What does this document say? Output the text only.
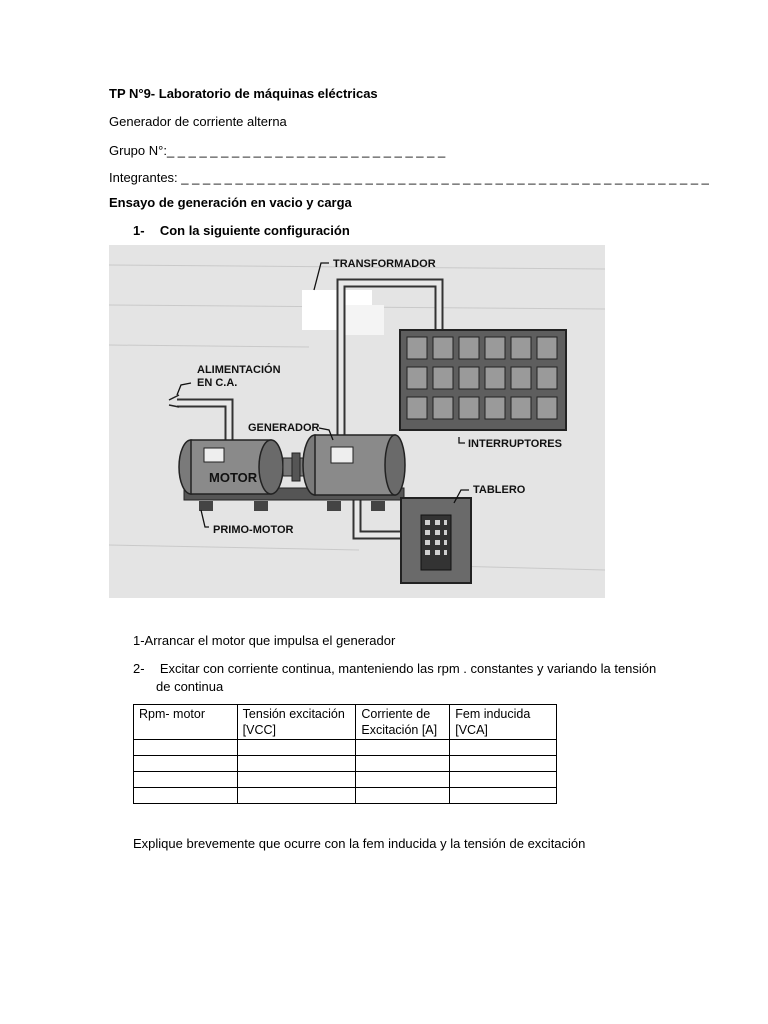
TP N°9- Laboratorio de máquinas eléctricas
Generador de corriente alterna
Grupo N°:_ _ _ _ _ _ _ _ _ _ _ _ _ _ _ _ _ _ _ _ _ _ _ _ _ _
Integrantes: _ _ _ _ _ _ _ _ _ _ _ _ _ _ _ _ _ _ _ _ _ _ _ _ _ _ _ _ _ _ _ _ _ _ _ _ _ _ _ _ _ _ _ _ _ _ _ _ _
Ensayo de generación en vacio y carga
1- Con la siguiente configuración
TRANSFORMADOR
ALIMENTACIÓN
EN C.A.
GENERADOR
MOTOR
INTERRUPTORES
TABLERO
PRIMO-MOTOR
1-Arrancar el motor que impulsa el generador
2- Excitar con corriente continua, manteniendo las rpm . constantes y variando la tensión
de continua
Rpm- motor	Tensión excitación [VCC]	Corriente de Excitación [A]	Fem inducida [VCA]

Explique brevemente que ocurre con la fem inducida y la tensión de excitación
